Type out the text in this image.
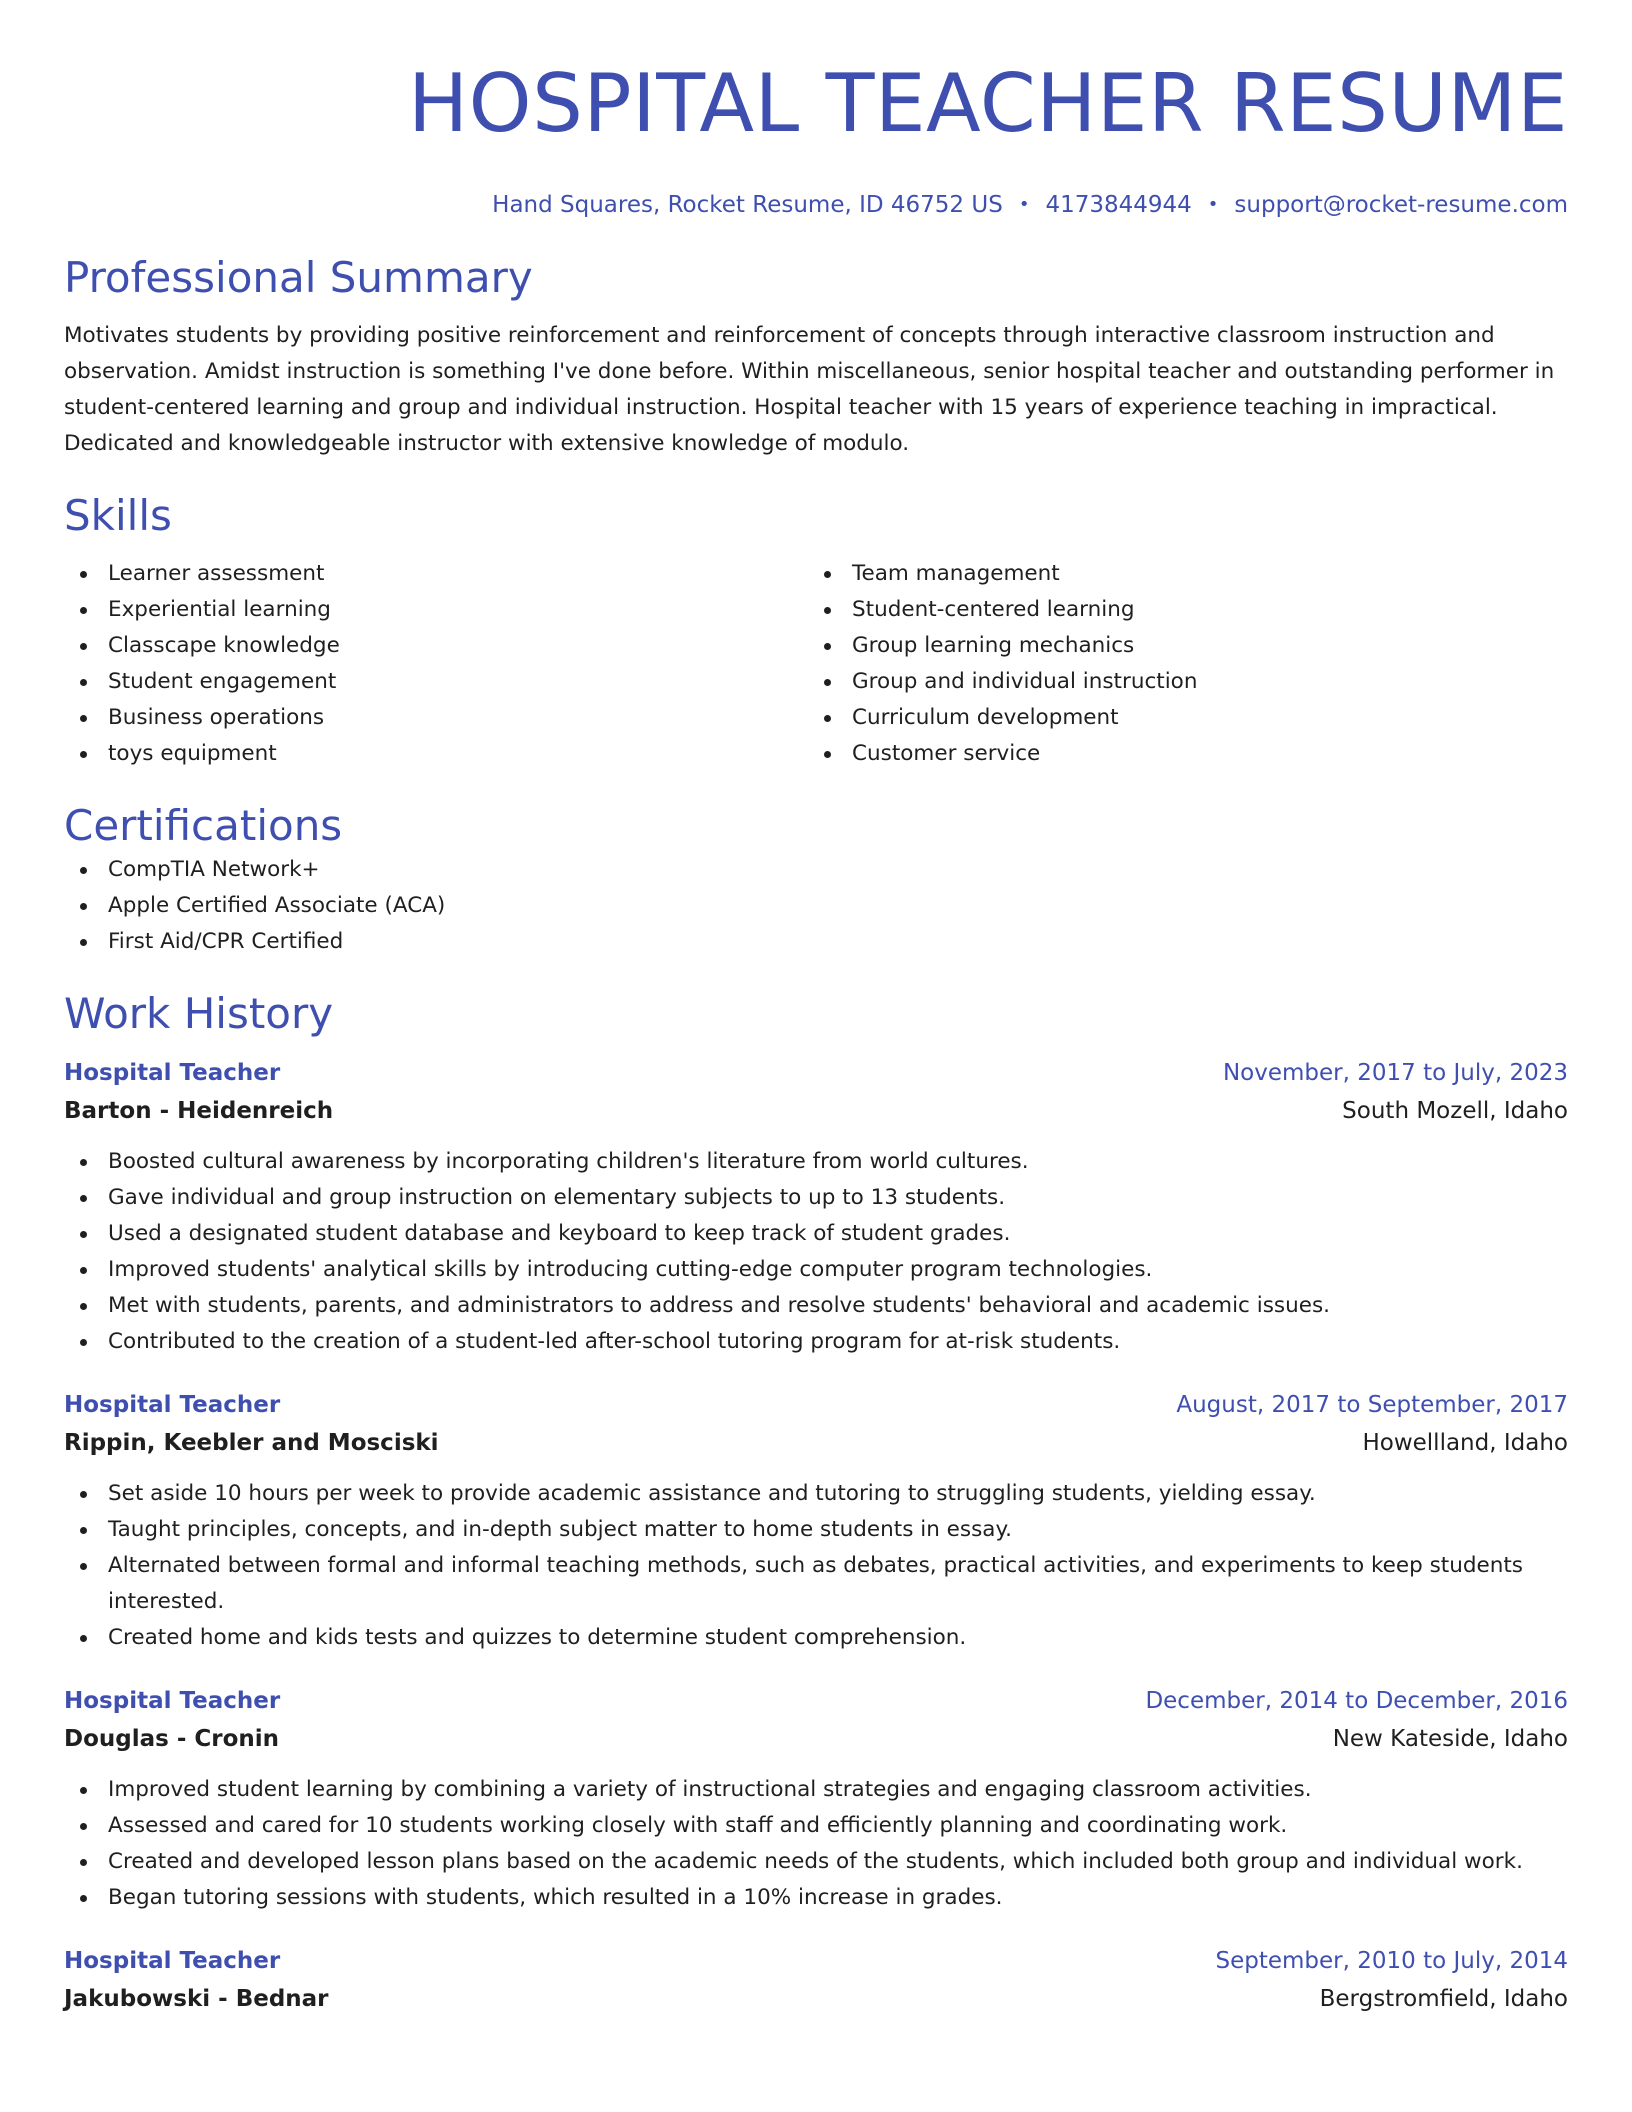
HOSPITAL TEACHER RESUME
Hand Squares, Rocket Resume, ID 46752 US • 4173844944 • support@rocket-resume.com
Professional Summary

Motivates students by providing positive reinforcement and reinforcement of concepts through interactive classroom instruction and observation. Amidst instruction is something I've done before. Within miscellaneous, senior hospital teacher and outstanding performer in student-centered learning and group and individual instruction. Hospital teacher with 15 years of experience teaching in impractical. Dedicated and knowledgeable instructor with extensive knowledge of modulo.

Skills
Learner assessment
Experiential learning
Classcape knowledge
Student engagement
Business operations
toys equipment
Team management
Student-centered learning
Group learning mechanics
Group and individual instruction
Curriculum development
Customer service
Certifications
CompTIA Network+
Apple Certified Associate (ACA)
First Aid/CPR Certified
Work History
Hospital Teacher	November, 2017 to July, 2023
Barton - Heidenreich	South Mozell, Idaho
Boosted cultural awareness by incorporating children's literature from world cultures.
Gave individual and group instruction on elementary subjects to up to 13 students.
Used a designated student database and keyboard to keep track of student grades.
Improved students' analytical skills by introducing cutting-edge computer program technologies.
Met with students, parents, and administrators to address and resolve students' behavioral and academic issues.
Contributed to the creation of a student-led after-school tutoring program for at-risk students.
Hospital Teacher	August, 2017 to September, 2017
Rippin, Keebler and Mosciski	Howellland, Idaho
Set aside 10 hours per week to provide academic assistance and tutoring to struggling students, yielding essay.
Taught principles, concepts, and in-depth subject matter to home students in essay.
Alternated between formal and informal teaching methods, such as debates, practical activities, and experiments to keep students interested.
Created home and kids tests and quizzes to determine student comprehension.
Hospital Teacher	December, 2014 to December, 2016
Douglas - Cronin	New Kateside, Idaho
Improved student learning by combining a variety of instructional strategies and engaging classroom activities.
Assessed and cared for 10 students working closely with staff and efficiently planning and coordinating work.
Created and developed lesson plans based on the academic needs of the students, which included both group and individual work.
Began tutoring sessions with students, which resulted in a 10% increase in grades.
Hospital Teacher	September, 2010 to July, 2014
Jakubowski - Bednar	Bergstromfield, Idaho
